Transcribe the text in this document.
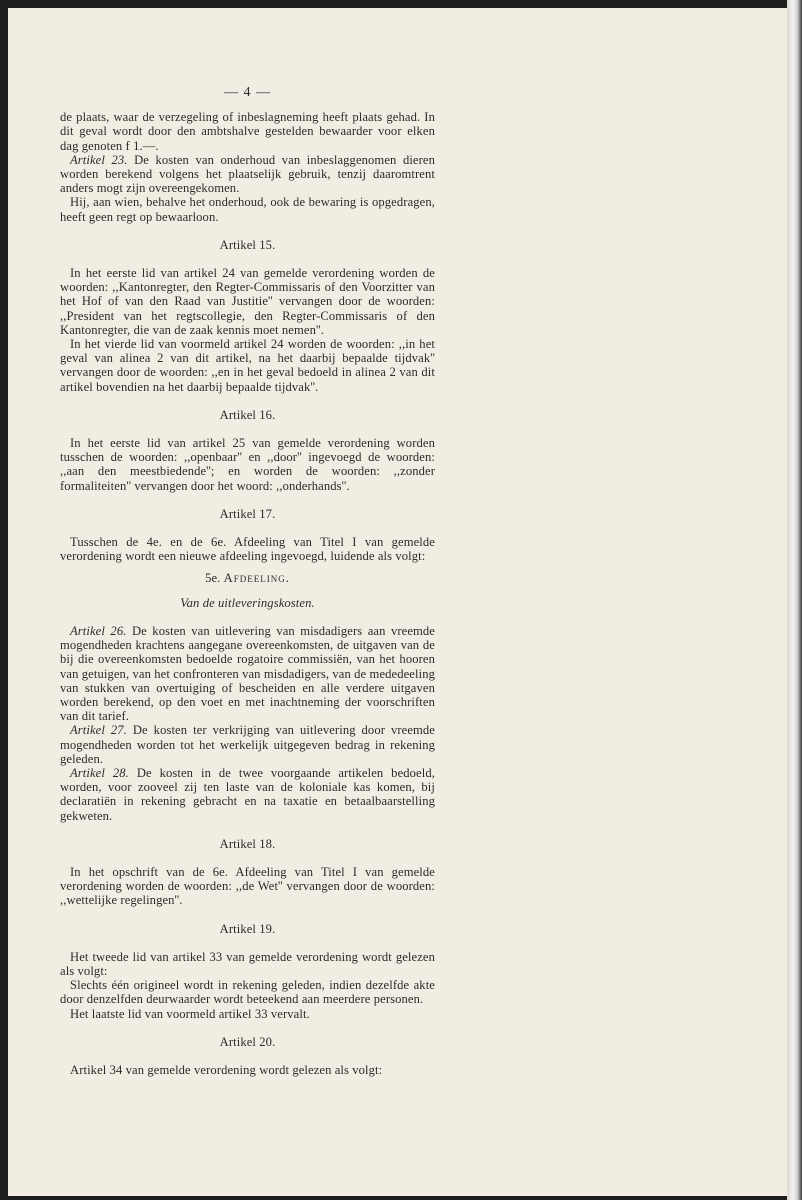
— 4 —

de plaats, waar de verzegeling of inbeslagneming heeft plaats gehad. In dit geval wordt door den ambtshalve gestelden bewaarder voor elken dag genoten f 1.—.

Artikel 23. De kosten van onderhoud van inbeslaggenomen dieren worden berekend volgens het plaatselijk gebruik, tenzij daaromtrent anders mogt zijn overeengekomen.

Hij, aan wien, behalve het onderhoud, ook de bewaring is opgedragen, heeft geen regt op bewaarloon.

Artikel 15.

In het eerste lid van artikel 24 van gemelde verordening worden de woorden: ,,Kantonregter, den Regter-Commissaris of den Voorzitter van het Hof of van den Raad van Justitie'' vervangen door de woorden: ,,President van het regtscollegie, den Regter-Commissaris of den Kantonregter, die van de zaak kennis moet nemen''.

In het vierde lid van voormeld artikel 24 worden de woorden: ,,in het geval van alinea 2 van dit artikel, na het daarbij bepaalde tijdvak'' vervangen door de woorden: ,,en in het geval bedoeld in alinea 2 van dit artikel bovendien na het daarbij bepaalde tijdvak''.

Artikel 16.

In het eerste lid van artikel 25 van gemelde verordening worden tusschen de woorden: ,,openbaar'' en ,,door'' ingevoegd de woorden: ,,aan den meestbiedende''; en worden de woorden: ,,zonder formaliteiten'' vervangen door het woord: ,,onderhands''.

Artikel 17.

Tusschen de 4e. en de 6e. Afdeeling van Titel I van gemelde verordening wordt een nieuwe afdeeling ingevoegd, luidende als volgt:

5e. Afdeeling.
Van de uitleveringskosten.

Artikel 26. De kosten van uitlevering van misdadigers aan vreemde mogendheden krachtens aangegane overeenkomsten, de uitgaven van de bij die overeenkomsten bedoelde rogatoire commissiën, van het hooren van getuigen, van het confronteren van misdadigers, van de mededeeling van stukken van overtuiging of bescheiden en alle verdere uitgaven worden berekend, op den voet en met inachtneming der voorschriften van dit tarief.

Artikel 27. De kosten ter verkrijging van uitlevering door vreemde mogendheden worden tot het werkelijk uitgegeven bedrag in rekening geleden.

Artikel 28. De kosten in de twee voorgaande artikelen bedoeld, worden, voor zooveel zij ten laste van de koloniale kas komen, bij declaratiën in rekening gebracht en na taxatie en betaalbaarstelling gekweten.

Artikel 18.

In het opschrift van de 6e. Afdeeling van Titel I van gemelde verordening worden de woorden: ,,de Wet'' vervangen door de woorden: ,,wettelijke regelingen''.

Artikel 19.

Het tweede lid van artikel 33 van gemelde verordening wordt gelezen als volgt:

Slechts één origineel wordt in rekening geleden, indien dezelfde akte door denzelfden deurwaarder wordt beteekend aan meerdere personen.

Het laatste lid van voormeld artikel 33 vervalt.

Artikel 20.

Artikel 34 van gemelde verordening wordt gelezen als volgt:
